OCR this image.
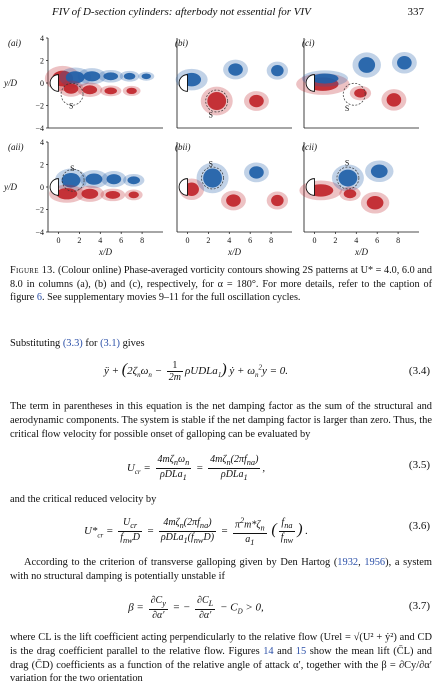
FIV of D-section cylinders: afterbody not essential for VIV	337
(ai)
S
4
2
0
−2
−4
y/D
(bi)
S
(ci)
S
(aii)
S
4
2
0
−2
−4
y/D
0 2 4 6 8
x/D
(bii)
S
0 2 4 6 8
x/D
(cii)
S
0 2 4 6 8
x/D
Figure 13. (Colour online) Phase-averaged vorticity contours showing 2S patterns at U* = 4.0, 6.0 and 8.0 in columns (a), (b) and (c), respectively, for α = 180°. For more details, refer to the caption of figure 6. See supplementary movies 9–11 for the full oscillation cycles.
Substituting (3.3) for (3.1) gives
ÿ + ($2\zeta_n\omega_n - \frac{1}{2m}$ ρUDLa$_1$) ẏ + $\omega_n^2y = 0$.	(3.4)
The term in parentheses in this equation is the net damping factor as the sum of the structural and aerodynamic components. The system is stable if the net damping factor is larger than zero. Thus, the critical flow velocity for possible onset of galloping can be evaluated by
$U_{cr} = \frac{4m\zeta_n\omega_n}{\rho DLa_1} = \frac{4m\zeta_n(2\pi f_{na})}{\rho DLa_1}$ ,	(3.5)
and the critical reduced velocity by
$U*_{cr} = \frac{U_{cr}}{f_{nw}D} = \frac{4m\zeta_n(2\pi f_{na})}{\rho DLa_1(f_{nw}D)} = \frac{\pi^2m*\zeta_n}{a_1}$ ( $\frac{f_{na}}{f_{nw}}$ ) .	(3.6)
According to the criterion of transverse galloping given by Den Hartog (1932, 1956), a system with no structural damping is potentially unstable if
$\beta = \frac{\partial C_y}{\partial\alpha'}$ = − $\frac{\partial C_L}{\partial\alpha'} - C_D > 0$,	(3.7)
where CL is the lift coefficient acting perpendicularly to the relative flow (Urel = √(U² + ẏ²) and CD is the drag coefficient parallel to the relative flow. Figures 14 and 15 show the mean lift (C̄L) and drag (C̄D) coefficients as a function of the relative angle of attack α′, together with the β = ∂Cy/∂α′ variation for the two orientation
